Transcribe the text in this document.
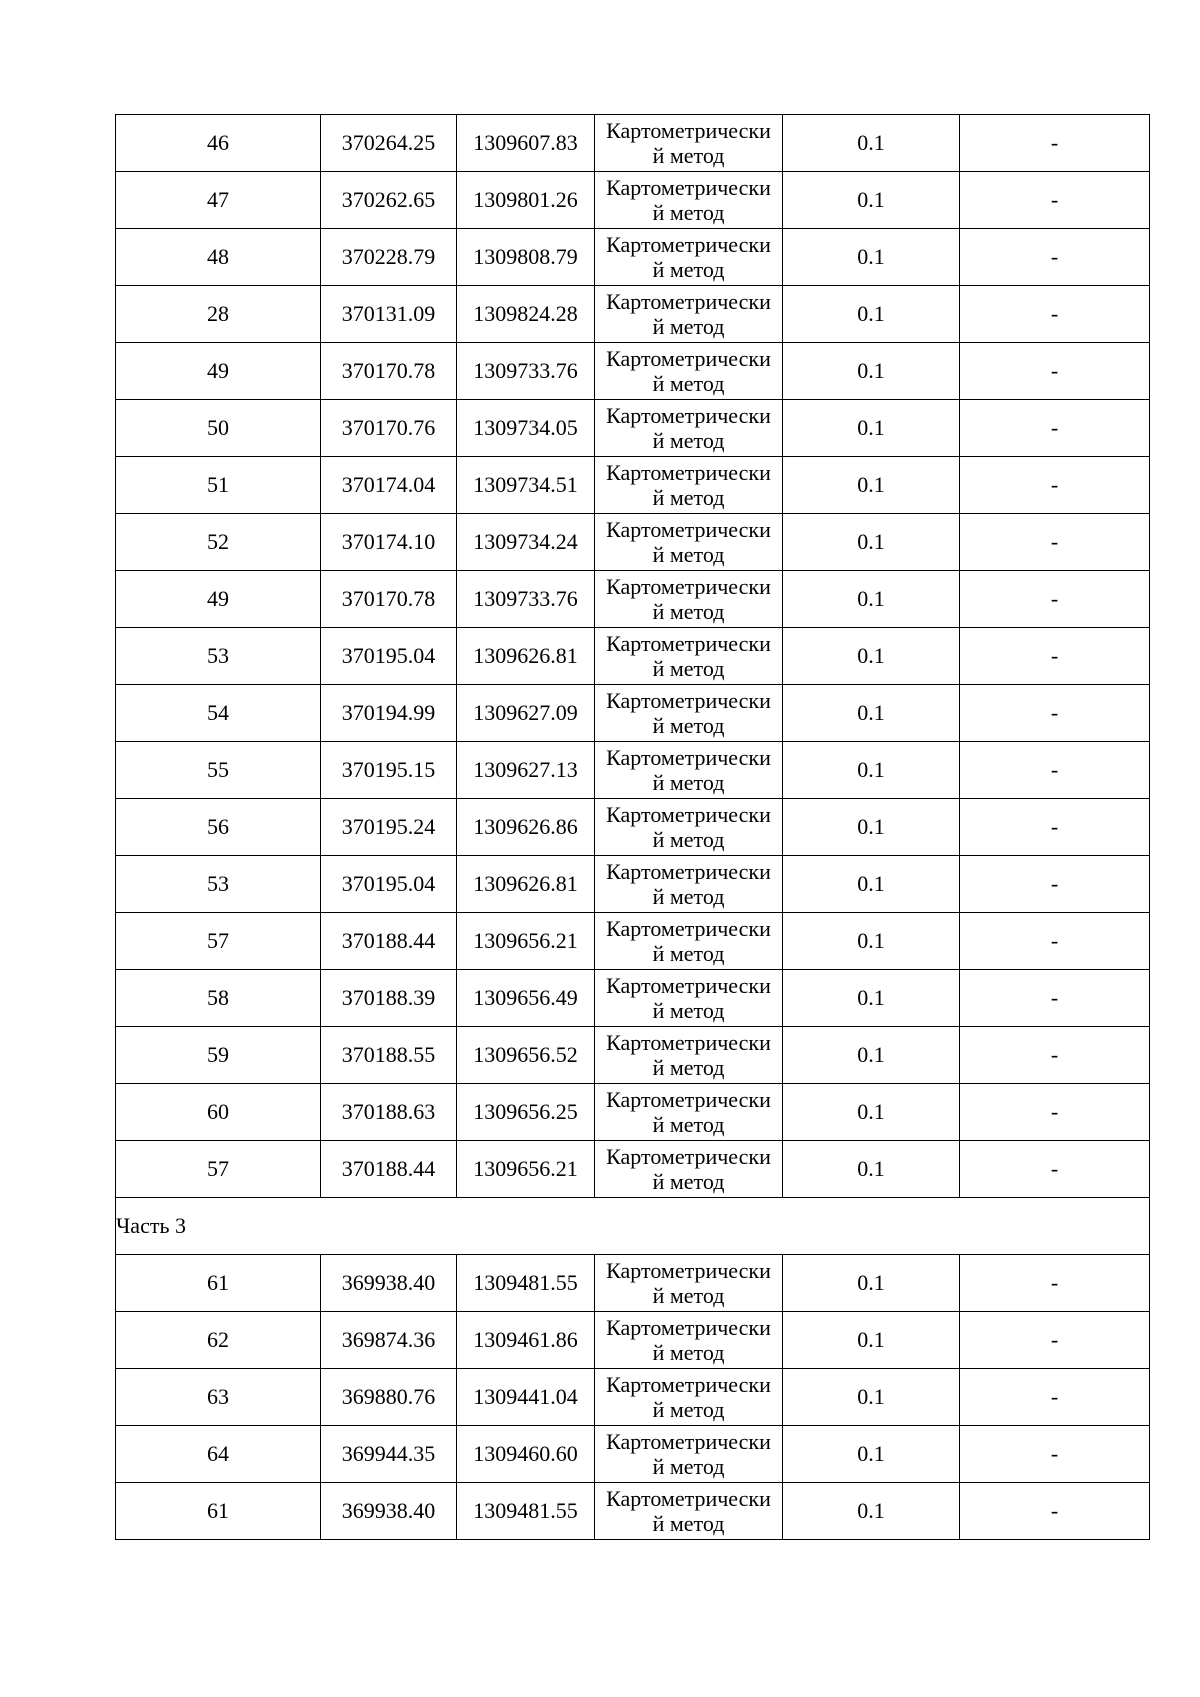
46	370264.25	1309607.83	Картометрически
й метод	0.1	-
47	370262.65	1309801.26	Картометрически
й метод	0.1	-
48	370228.79	1309808.79	Картометрически
й метод	0.1	-
28	370131.09	1309824.28	Картометрически
й метод	0.1	-
49	370170.78	1309733.76	Картометрически
й метод	0.1	-
50	370170.76	1309734.05	Картометрически
й метод	0.1	-
51	370174.04	1309734.51	Картометрически
й метод	0.1	-
52	370174.10	1309734.24	Картометрически
й метод	0.1	-
49	370170.78	1309733.76	Картометрически
й метод	0.1	-
53	370195.04	1309626.81	Картометрически
й метод	0.1	-
54	370194.99	1309627.09	Картометрически
й метод	0.1	-
55	370195.15	1309627.13	Картометрически
й метод	0.1	-
56	370195.24	1309626.86	Картометрически
й метод	0.1	-
53	370195.04	1309626.81	Картометрически
й метод	0.1	-
57	370188.44	1309656.21	Картометрически
й метод	0.1	-
58	370188.39	1309656.49	Картометрически
й метод	0.1	-
59	370188.55	1309656.52	Картометрически
й метод	0.1	-
60	370188.63	1309656.25	Картометрически
й метод	0.1	-
57	370188.44	1309656.21	Картометрически
й метод	0.1	-
Часть 3					
61	369938.40	1309481.55	Картометрически
й метод	0.1	-
62	369874.36	1309461.86	Картометрически
й метод	0.1	-
63	369880.76	1309441.04	Картометрически
й метод	0.1	-
64	369944.35	1309460.60	Картометрически
й метод	0.1	-
61	369938.40	1309481.55	Картометрически
й метод	0.1	-
